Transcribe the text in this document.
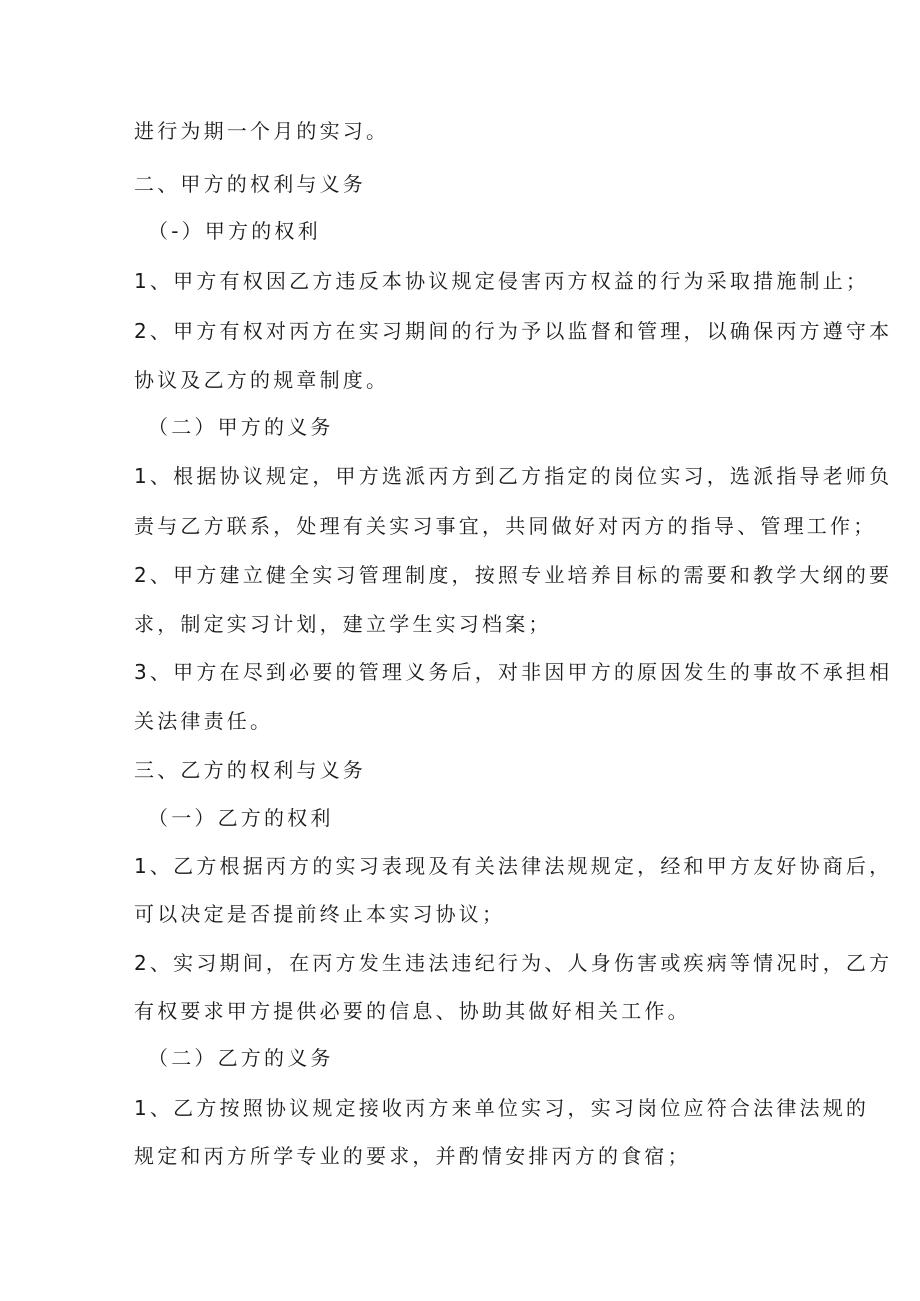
进行为期一个月的实习。
二、甲方的权利与义务
（-）甲方的权利
1、甲方有权因乙方违反本协议规定侵害丙方权益的行为采取措施制止；
2、甲方有权对丙方在实习期间的行为予以监督和管理，以确保丙方遵守本
协议及乙方的规章制度。
（二）甲方的义务
1、根据协议规定，甲方选派丙方到乙方指定的岗位实习，选派指导老师负
责与乙方联系，处理有关实习事宜，共同做好对丙方的指导、管理工作；
2、甲方建立健全实习管理制度，按照专业培养目标的需要和教学大纲的要
求，制定实习计划，建立学生实习档案；
3、甲方在尽到必要的管理义务后，对非因甲方的原因发生的事故不承担相
关法律责任。
三、乙方的权利与义务
（一）乙方的权利
1、乙方根据丙方的实习表现及有关法律法规规定，经和甲方友好协商后，
可以决定是否提前终止本实习协议；
2、实习期间，在丙方发生违法违纪行为、人身伤害或疾病等情况时，乙方
有权要求甲方提供必要的信息、协助其做好相关工作。
（二）乙方的义务
1、乙方按照协议规定接收丙方来单位实习，实习岗位应符合法律法规的
规定和丙方所学专业的要求，并酌情安排丙方的食宿；
